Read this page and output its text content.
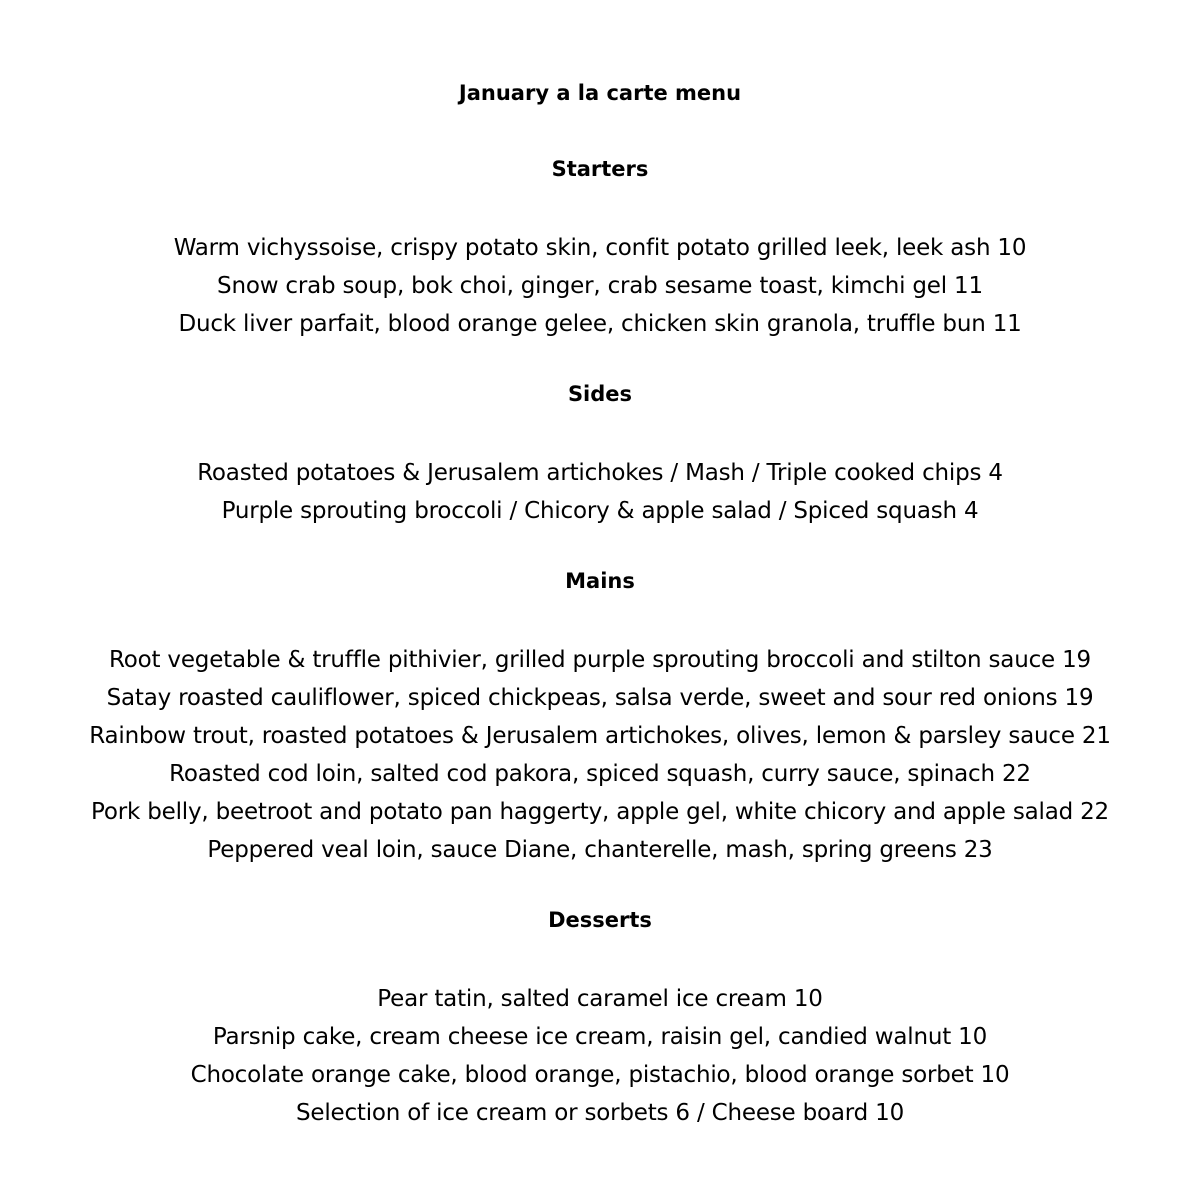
January a la carte menu
Starters
Warm vichyssoise, crispy potato skin, confit potato grilled leek, leek ash 10
Snow crab soup, bok choi, ginger, crab sesame toast, kimchi gel 11
Duck liver parfait, blood orange gelee, chicken skin granola, truffle bun 11
Sides
Roasted potatoes & Jerusalem artichokes / Mash / Triple cooked chips 4
Purple sprouting broccoli / Chicory & apple salad / Spiced squash 4
Mains
Root vegetable & truffle pithivier, grilled purple sprouting broccoli and stilton sauce 19
Satay roasted cauliflower, spiced chickpeas, salsa verde, sweet and sour red onions 19
Rainbow trout, roasted potatoes & Jerusalem artichokes, olives, lemon & parsley sauce 21
Roasted cod loin, salted cod pakora, spiced squash, curry sauce, spinach 22
Pork belly, beetroot and potato pan haggerty, apple gel, white chicory and apple salad 22
Peppered veal loin, sauce Diane, chanterelle, mash, spring greens 23
Desserts
Pear tatin, salted caramel ice cream 10
Parsnip cake, cream cheese ice cream, raisin gel, candied walnut 10
Chocolate orange cake, blood orange, pistachio, blood orange sorbet 10
Selection of ice cream or sorbets 6 / Cheese board 10
